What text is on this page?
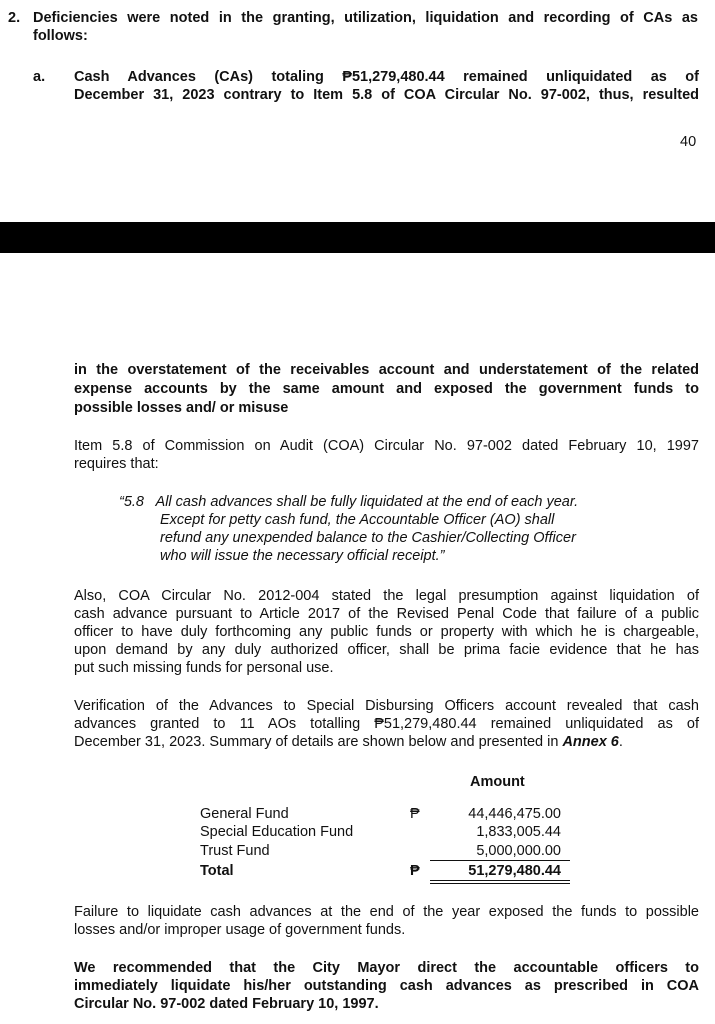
2. Deficiencies were noted in the granting, utilization, liquidation and recording of CAs as
follows:
a. Cash Advances (CAs) totaling ₱51,279,480.44 remained unliquidated as of
December 31, 2023 contrary to Item 5.8 of COA Circular No. 97-002, thus, resulted
40
in the overstatement of the receivables account and understatement of the related
expense accounts by the same amount and exposed the government funds to
possible losses and/ or misuse
Item 5.8 of Commission on Audit (COA) Circular No. 97-002 dated February 10, 1997
requires that:
“5.8   All cash advances shall be fully liquidated at the end of each year.
Except for petty cash fund, the Accountable Officer (AO) shall
refund any unexpended balance to the Cashier/Collecting Officer
who will issue the necessary official receipt.”
Also, COA Circular No. 2012-004 stated the legal presumption against liquidation of
cash advance pursuant to Article 2017 of the Revised Penal Code that failure of a public
officer to have duly forthcoming any public funds or property with which he is chargeable,
upon demand by any duly authorized officer, shall be prima facie evidence that he has
put such missing funds for personal use.
Verification of the Advances to Special Disbursing Officers account revealed that cash
advances granted to 11 AOs totalling ₱51,279,480.44 remained unliquidated as of
December 31, 2023. Summary of details are shown below and presented in Annex 6.
Amount
General Fund	₱	44,446,475.00
Special Education Fund	1,833,005.44
Trust Fund	5,000,000.00
Total	₱	51,279,480.44
Failure to liquidate cash advances at the end of the year exposed the funds to possible
losses and/or improper usage of government funds.
We recommended that the City Mayor direct the accountable officers to
immediately liquidate his/her outstanding cash advances as prescribed in COA
Circular No. 97-002 dated February 10, 1997.
